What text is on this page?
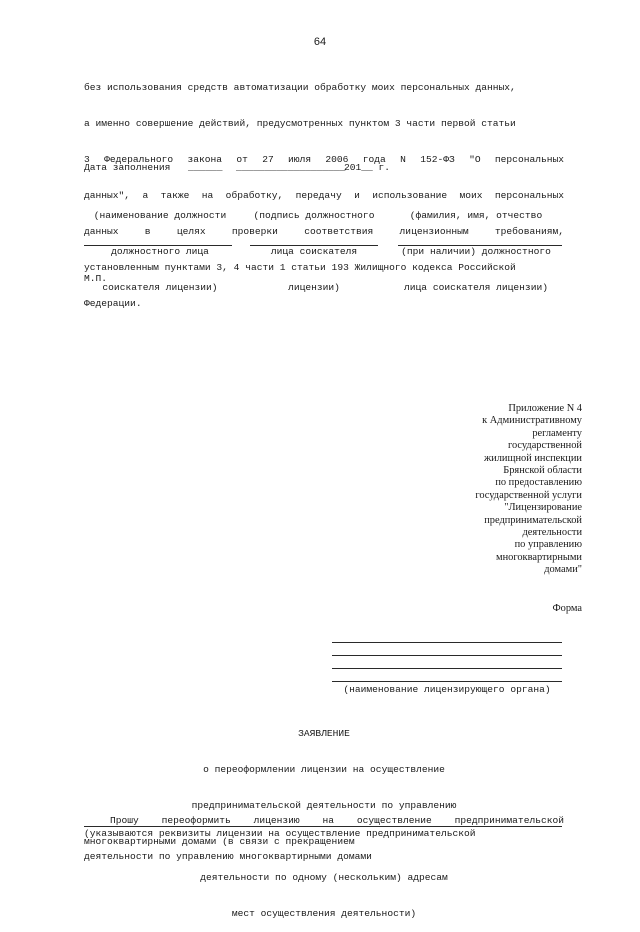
64

без использования средств автоматизации обработку моих персональных данных,

а именно совершение действий, предусмотренных пунктом 3 части первой статьи

3 Федерального закона от 27 июля 2006 года N 152-ФЗ "О персональных

данных", а также на обработку, передачу и использование моих персональных

данных в целях проверки соответствия лицензионным требованиям,

установленным пунктами 3, 4 части 1 статьи 193 Жилищного кодекса Российской

Федерации.

Дата заполнения ______ ___________________
201__ г.

(наименование должности

должностного лица

соискателя лицензии)

(подпись должностного

лица соискателя

лицензии)

(фамилия, имя, отчество

(при наличии) должностного

лица соискателя лицензии)

М.П.
Приложение N 4
к Административному
регламенту
государственной
жилищной инспекции
Брянской области
по предоставлению
государственной услуги
"Лицензирование
предпринимательской
деятельности
по управлению
многоквартирными
домами"
Форма
(наименование лицензирующего органа)

ЗАЯВЛЕНИЕ

о переоформлении лицензии на осуществление

предпринимательской деятельности по управлению

многоквартирными домами (в связи с прекращением

деятельности по одному (нескольким) адресам

мест осуществления деятельности)

Прошу переоформить лицензию на осуществление предпринимательской

деятельности по управлению многоквартирными домами

(указываются реквизиты лицензии на осуществление предпринимательской
